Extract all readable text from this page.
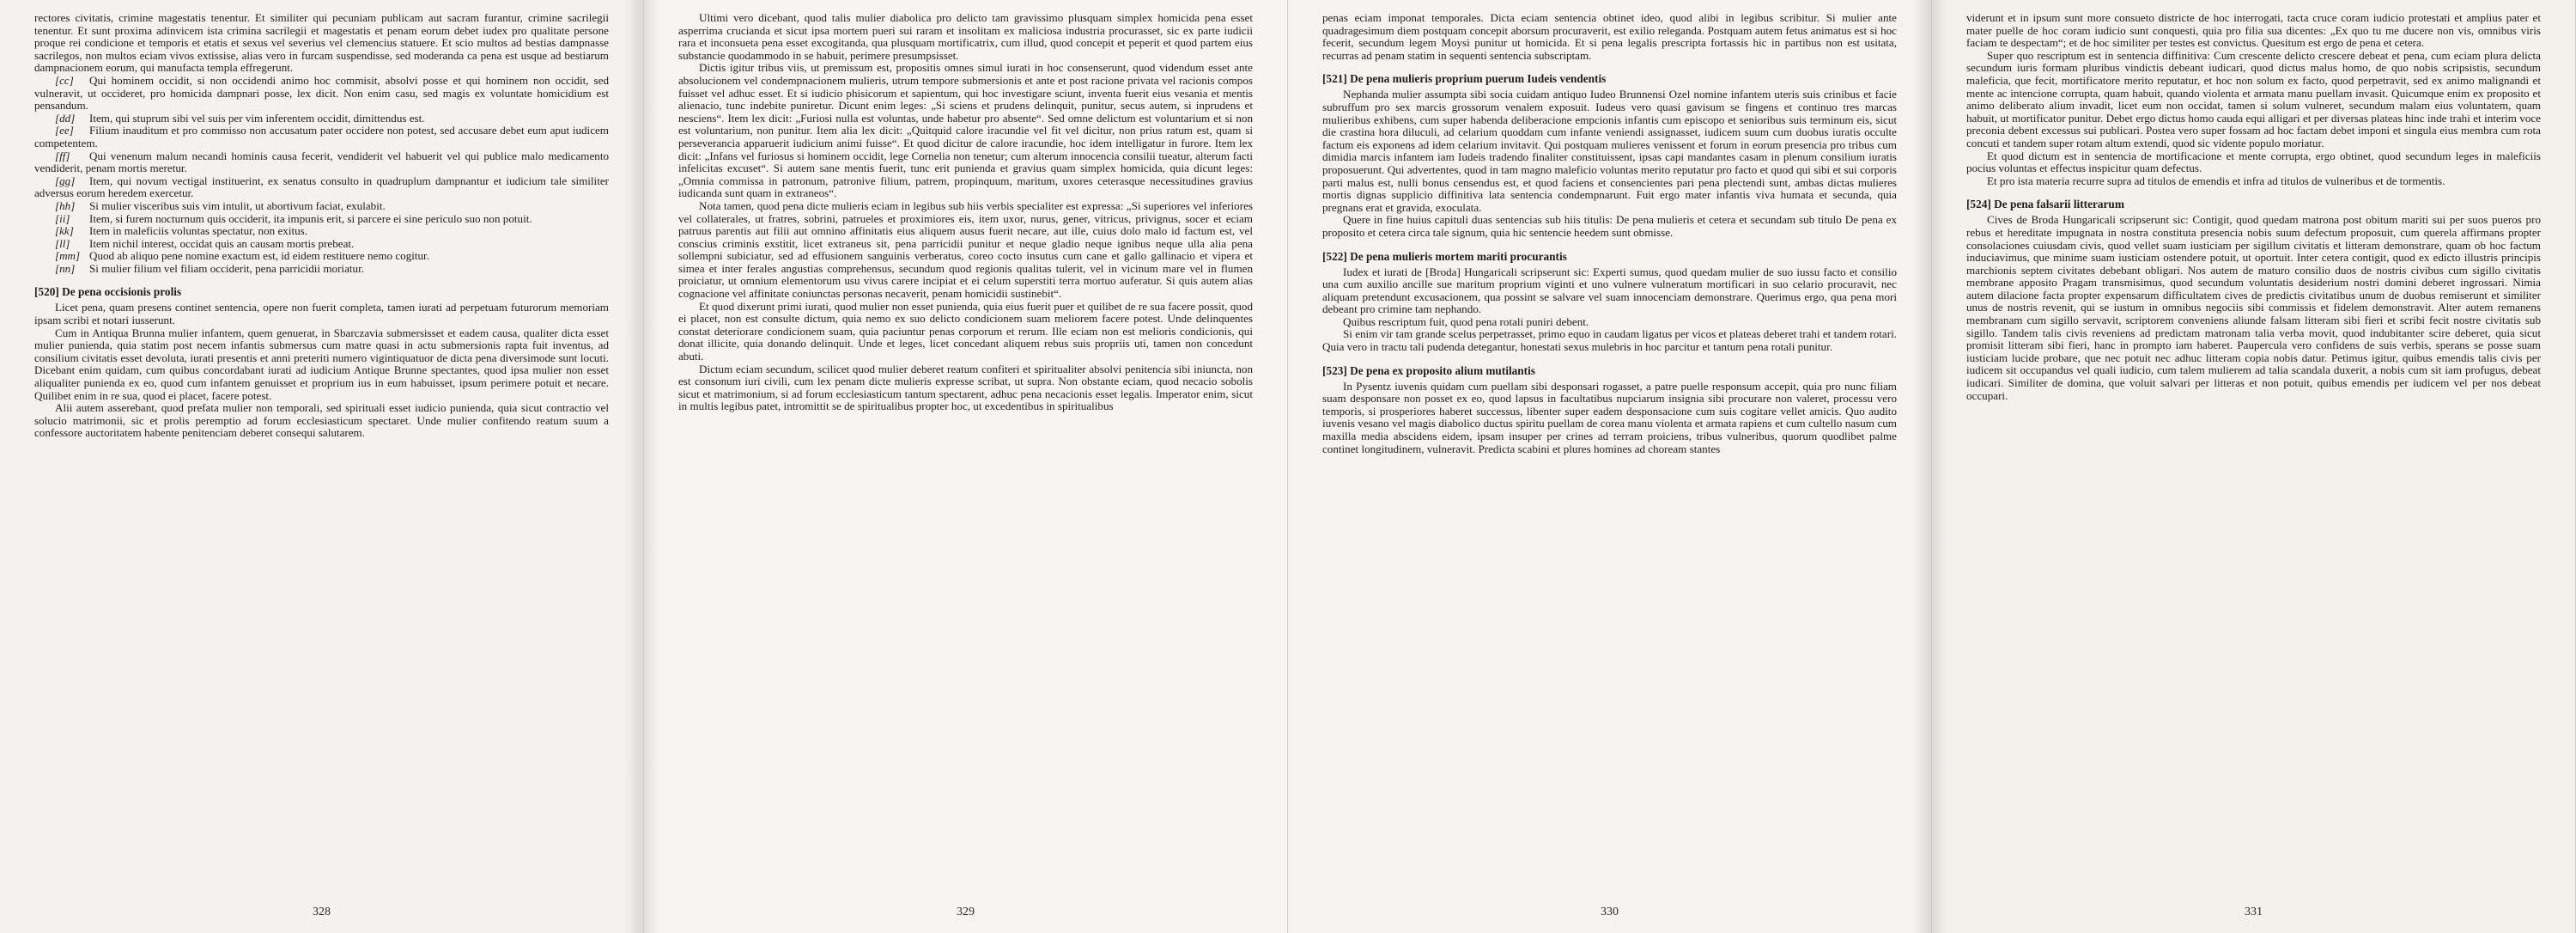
rectores civitatis, crimine magestatis tenentur. Et similiter qui pecuniam publicam aut sacram furantur, crimine sacrilegii tenentur. Et sunt proxima adinvicem ista crimina sacrilegii et magestatis et penam eorum debet iudex pro qualitate persone proque rei condicione et temporis et etatis et sexus vel severius vel clemencius statuere. Et scio multos ad bestias dampnasse sacrilegos, non multos eciam vivos extissise, alias vero in furcam suspendisse, sed moderanda ca pena est usque ad bestiarum dampnacionem eorum, qui manufacta templa effregerunt.

[cc] Qui hominem occidit, si non occidendi animo hoc commisit, absolvi posse et qui hominem non occidit, sed vulneravit, ut occideret, pro homicida dampnari posse, lex dicit. Non enim casu, sed magis ex voluntate homicidium est pensandum.

[dd] Item, qui stuprum sibi vel suis per vim inferentem occidit, dimittendus est.

[ee] Filium inauditum et pro commisso non accusatum pater occidere non potest, sed accusare debet eum aput iudicem competentem.

[ff] Qui venenum malum necandi hominis causa fecerit, vendiderit vel habuerit vel qui publice malo medicamento vendiderit, penam mortis meretur.

[gg] Item, qui novum vectigal instituerint, ex senatus consulto in quadruplum dampnantur et iudicium tale similiter adversus eorum heredem exercetur.

[hh] Si mulier visceribus suis vim intulit, ut abortivum faciat, exulabit.

[ii] Item, si furem nocturnum quis occiderit, ita impunis erit, si parcere ei sine periculo suo non potuit.

[kk] Item in maleficiis voluntas spectatur, non exitus.

[ll] Item nichil interest, occidat quis an causam mortis prebeat.

[mm] Quod ab aliquo pene nomine exactum est, id eidem restituere nemo cogitur.

[nn] Si mulier filium vel filiam occiderit, pena parricidii moriatur.

[520] De pena occisionis prolis

Licet pena, quam presens continet sentencia, opere non fuerit completa, tamen iurati ad perpetuam futurorum memoriam ipsam scribi et notari iusserunt.

Cum in Antiqua Brunna mulier infantem, quem genuerat, in Sbarczavia submersisset et eadem causa, qualiter dicta esset mulier punienda, quia statim post necem infantis submersus cum matre quasi in actu submersionis rapta fuit inventus, ad consilium civitatis esset devoluta, iurati presentis et anni preteriti numero vigintiquatuor de dicta pena diversimode sunt locuti. Dicebant enim quidam, cum quibus concordabant iurati ad iudicium Antique Brunne spectantes, quod ipsa mulier non esset aliqualiter punienda ex eo, quod cum infantem genuisset et proprium ius in eum habuisset, ipsum perimere potuit et necare. Quilibet enim in re sua, quod ei placet, facere potest.

Alii autem asserebant, quod prefata mulier non temporali, sed spirituali esset iudicio punienda, quia sicut contractio vel solucio matrimonii, sic et prolis peremptio ad forum ecclesiasticum spectaret. Unde mulier confitendo reatum suum a confessore auctoritatem habente penitenciam deberet consequi salutarem.

328

Ultimi vero dicebant, quod talis mulier diabolica pro delicto tam gravissimo plusquam simplex homicida pena esset asperrima cruciandа et sicut ipsa mortem pueri sui raram et insolitam ex maliciosa industria procurasset, sic ex parte iudicii rara et inconsueta pena esset excogitanda, qua plusquam mortificatrix, cum illud, quod concepit et peperit et quod partem eius substancie quodammodo in se habuit, perimere presumpsisset.

Dictis igitur tribus viis, ut premissum est, propositis omnes simul iurati in hoc consenserunt, quod videndum esset ante absolucionem vel condempnacionem mulieris, utrum tempore submersionis et ante et post racione privata vel racionis compos fuisset vel adhuc esset. Et si iudicio phisicorum et sapientum, qui hoc investigare sciunt, inventa fuerit eius vesania et mentis alienacio, tunc indebite puniretur. Dicunt enim leges: „Si sciens et prudens delinquit, punitur, secus autem, si inprudens et nesciens“. Item lex dicit: „Furiosi nulla est voluntas, unde habetur pro absente“. Sed omne delictum est voluntarium et si non est voluntarium, non punitur. Item alia lex dicit: „Quitquid calore iracundie vel fit vel dicitur, non prius ratum est, quam si perseverancia apparuerit iudicium animi fuisse“. Et quod dicitur de calore iracundie, hoc idem intelligatur in furore. Item lex dicit: „Infans vel furiosus si hominem occidit, lege Cornelia non tenetur; cum alterum innocencia consilii tueatur, alterum facti infelicitas excuset“. Si autem sane mentis fuerit, tunc erit punienda et gravius quam simplex homicida, quia dicunt leges: „Omnia commissa in patronum, patronive filium, patrem, propinquum, maritum, uxores ceterasque necessitudines gravius iudicanda sunt quam in extraneos“.

Nota tamen, quod pena dicte mulieris eciam in legibus sub hiis verbis specialiter est expressa: „Si superiores vel inferiores vel collaterales, ut fratres, sobrini, patrueles et proximiores eis, item uxor, nurus, gener, vitricus, privignus, socer et eciam patruus parentis aut filii aut omnino affinitatis eius aliquem ausus fuerit necare, aut ille, cuius dolo malo id factum est, vel conscius criminis exstitit, licet extraneus sit, pena parricidii punitur et neque gladio neque ignibus neque ulla alia pena sollempni subiciatur, sed ad effusionem sanguinis verberatus, coreo cocto insutus cum cane et gallo gallinacio et vipera et simea et inter ferales angustias comprehensus, secundum quod regionis qualitas tulerit, vel in vicinum mare vel in flumen proiciatur, ut omnium elementorum usu vivus carere incipiat et ei celum superstiti terra mortuo auferatur. Si quis autem alias cognacione vel affinitate coniunctas personas necaverit, penam homicidii sustinebit“.

Et quod dixerunt primi iurati, quod mulier non esset punienda, quia eius fuerit puer et quilibet de re sua facere possit, quod ei placet, non est consulte dictum, quia nemo ex suo delicto condicionem suam meliorem facere potest. Unde delinquentes constat deteriorare condicionem suam, quia paciuntur penas corporum et rerum. Ille eciam non est melioris condicionis, qui donat illicite, quia donando delinquit. Unde et leges, licet concedant aliquem rebus suis propriis uti, tamen non concedunt abuti.

Dictum eciam secundum, scilicet quod mulier deberet reatum confiteri et spiritualiter absolvi penitencia sibi iniuncta, non est consonum iuri civili, cum lex penam dicte mulieris expresse scribat, ut supra. Non obstante eciam, quod necacio sobolis sicut et matrimonium, si ad forum ecclesiasticum tantum spectarent, adhuc pena necacionis esset legalis. Imperator enim, sicut in multis legibus patet, intromittit se de spiritualibus propter hoc, ut excedentibus in spiritualibus

329

penas eciam imponat temporales. Dicta eciam sentencia obtinet ideo, quod alibi in legibus scribitur. Si mulier ante quadragesimum diem postquam concepit aborsum procuraverit, est exilio releganda. Postquam autem fetus animatus est si hoc fecerit, secundum legem Moysi punitur ut homicida. Et si pena legalis prescripta fortassis hic in partibus non est usitata, recurras ad penam statim in sequenti sentencia subscriptam.

[521] De pena mulieris proprium puerum Iudeis vendentis

Nephanda mulier assumpta sibi socia cuidam antiquo Iudeo Brunnensi Ozel nomine infantem uteris suis crinibus et facie subruffum pro sex marcis grossorum venalem exposuit. Iudeus vero quasi gavisum se fingens et continuo tres marcas mulieribus exhibens, cum super habenda deliberacione empcionis infantis cum episcopo et senioribus suis terminum eis, sicut die crastina hora diluculi, ad celarium quoddam cum infante veniendi assignasset, iudicem suum cum duobus iuratis occulte factum eis exponens ad idem celarium invitavit. Qui postquam mulieres venissent et forum in eorum presencia pro tribus cum dimidia marcis infantem iam Iudeis tradendo finaliter constituissent, ipsas capi mandantes casam in plenum consilium iuratis proposuerunt. Qui advertentes, quod in tam magno maleficio voluntas merito reputatur pro facto et quod qui sibi et sui corporis parti malus est, nulli bonus censendus est, et quod faciens et consencientes pari pena plectendi sunt, ambas dictas mulieres mortis dignas supplicio diffinitiva lata sentencia condempnarunt. Fuit ergo mater infantis viva humata et secunda, quia pregnans erat et gravida, exoculata.

Quere in fine huius capituli duas sentencias sub hiis titulis: De pena mulieris et cetera et secundam sub titulo De pena ex proposito et cetera circa tale signum, quia hic sentencie heedem sunt obmisse.

[522] De pena mulieris mortem mariti procurantis

Iudex et iurati de [Broda] Hungaricali scripserunt sic: Experti sumus, quod quedam mulier de suo iussu facto et consilio una cum auxilio ancille sue maritum proprium viginti et uno vulnere vulneratum mortificari in suo celario procuravit, nec aliquam pretendunt excusacionem, qua possint se salvare vel suam innocenciam demonstrare. Querimus ergo, qua pena mori debeant pro crimine tam nephando.

Quibus rescriptum fuit, quod pena rotali puniri debent.

Si enim vir tam grande scelus perpetrasset, primo equo in caudam ligatus per vicos et plateas deberet trahi et tandem rotari. Quia vero in tractu tali pudenda detegantur, honestati sexus mulebris in hoc parcitur et tantum pena rotali punitur.

[523] De pena ex proposito alium mutilantis

In Pysentz iuvenis quidam cum puellam sibi desponsari rogasset, a patre puelle responsum accepit, quia pro nunc filiam suam desponsare non posset ex eo, quod lapsus in facultatibus nupciarum insignia sibi procurare non valeret, processu vero temporis, si prosperiores haberet successus, libenter super eadem desponsacione cum suis cogitare vellet amicis. Quo audito iuvenis vesano vel magis diabolico ductus spiritu puellam de corea manu violenta et armata rapiens et cum cultello nasum cum maxilla media abscidens eidem, ipsam insuper per crines ad terram proiciens, tribus vulneribus, quorum quodlibet palme continet longitudinem, vulneravit. Predicta scabini et plures homines ad choream stantes

330

viderunt et in ipsum sunt more consueto districte de hoc interrogati, tacta cruce coram iudicio protestati et amplius pater et mater puelle de hoc coram iudicio sunt conquesti, quia pro filia sua dicentes: „Ex quo tu me ducere non vis, omnibus viris faciam te despectam“; et de hoc similiter per testes est convictus. Quesitum est ergo de pena et cetera.

Super quo rescriptum est in sentencia diffinitiva: Cum crescente delicto crescere debeat et pena, cum eciam plura delicta secundum iuris formam pluribus vindictis debeant iudicari, quod dictus malus homo, de quo nobis scripsistis, secundum maleficia, que fecit, mortificatore merito reputatur, et hoc non solum ex facto, quod perpetravit, sed ex animo malignandi et mente ac intencione corrupta, quam habuit, quando violenta et armata manu puellam invasit. Quicumque enim ex proposito et animo deliberato alium invadit, licet eum non occidat, tamen si solum vulneret, secundum malam eius voluntatem, quam habuit, ut mortificator punitur. Debet ergo dictus homo cauda equi alligari et per diversas plateas hinc inde trahi et interim voce preconia debent excessus sui publicari. Postea vero super fossam ad hoc factam debet imponi et singula eius membra cum rota concuti et tandem super rotam altum extendi, quod sic vidente populo moriatur.

Et quod dictum est in sentencia de mortificacione et mente corrupta, ergo obtinet, quod secundum leges in maleficiis pocius voluntas et effectus inspicitur quam defectus.

Et pro ista materia recurre supra ad titulos de emendis et infra ad titulos de vulneribus et de tormentis.

[524] De pena falsarii litterarum

Cives de Broda Hungaricali scripserunt sic: Contigit, quod quedam matrona post obitum mariti sui per suos pueros pro rebus et hereditate impugnata in nostra constituta presencia nobis suum defectum proposuit, cum querela affirmans propter consolaciones cuiusdam civis, quod vellet suam iusticiam per sigillum civitatis et litteram demonstrare, quam ob hoc factum induciavimus, que minime suam iusticiam ostendere potuit, ut oportuit. Inter cetera contigit, quod ex edicto illustris principis marchionis septem civitates debebant obligari. Nos autem de maturo consilio duos de nostris civibus cum sigillo civitatis membrane apposito Pragam transmisimus, quod secundum voluntatis desiderium nostri domini deberet ingrossari. Nimia autem dilacione facta propter expensarum difficultatem cives de predictis civitatibus unum de duobus remiserunt et similiter unus de nostris revenit, qui se iustum in omnibus negociis sibi commissis et fidelem demonstravit. Alter autem remanens membranam cum sigillo servavit, scriptorem conveniens aliunde falsam litteram sibi fieri et scribi fecit nostre civitatis sub sigillo. Tandem talis civis reveniens ad predictam matronam talia verba movit, quod indubitanter scire deberet, quia sicut promisit litteram sibi fieri, hanc in prompto iam haberet. Paupercula vero confidens de suis verbis, sperans se posse suam iusticiam lucide probare, que nec potuit nec adhuc litteram copia nobis datur. Petimus igitur, quibus emendis talis civis per iudicem sit occupandus vel quali iudicio, cum talem mulierem ad talia scandala duxerit, a nobis cum sit iam profugus, debeat iudicari. Similiter de domina, que voluit salvari per litteras et non potuit, quibus emendis per iudicem vel per nos debeat occupari.

331
